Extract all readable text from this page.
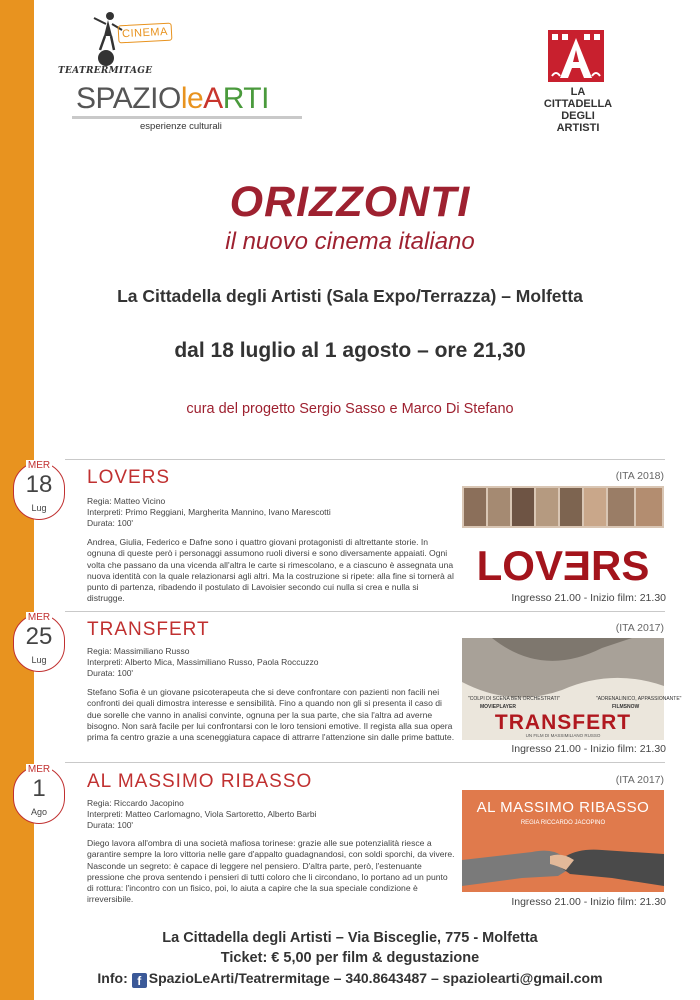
CINEMA
TEATRERMITAGE
SPAZIOleARTI
esperienze culturali
LA CITTADELLA
DEGLI ARTISTI
ORIZZONTI
il nuovo cinema italiano
La Cittadella degli Artisti (Sala Expo/Terrazza) – Molfetta
dal 18 luglio al 1 agosto – ore 21,30
cura del progetto Sergio Sasso e Marco Di Stefano
MER
18
Lug
LOVERS	(ITA 2018)
Regia: Matteo Vicino
Interpreti: Primo Reggiani, Margherita Mannino, Ivano Marescotti
Durata: 100'
Andrea, Giulia, Federico e Dafne sono i quattro giovani protagonisti di altrettante storie. In ognuna di queste però i personaggi assumono ruoli diversi e sono diversamente appaiati. Ogni volta che passano da una vicenda all'altra le carte si rimescolano, e a ciascuno è assegnata una nuova identità con la quale relazionarsi agli altri. Ma la costruzione si ripete: alla fine si tornerà al punto di partenza, ribadendo il postulato di Lavoisier secondo cui nulla si crea e nulla si distrugge.
LOVƎRS
Ingresso 21.00 - Inizio film: 21.30
MER
25
Lug
TRANSFERT	(ITA 2017)
Regia: Massimiliano Russo
Interpreti: Alberto Mica, Massimiliano Russo, Paola Roccuzzo
Durata: 100'
Stefano Sofia è un giovane psicoterapeuta che si deve confrontare con pazienti non facili nei confronti dei quali dimostra interesse e sensibilità. Fino a quando non gli si presenta il caso di due sorelle che vanno in analisi convinte, ognuna per la sua parte, che sia l'altra ad averne bisogno. Non sarà facile per lui confrontarsi con le loro tensioni emotive. Il regista alla sua opera prima fa centro grazie a una sceneggiatura capace di attrarre l'attenzione sin dalle prime battute.
"COLPI DI SCENA BEN ORCHESTRATI"
MOVIEPLAYER
"ADRENALINICO, APPASSIONANTE"
FILMSNOW
TRANSFERT
UN FILM DI MASSIMILIANO RUSSO
Ingresso 21.00 - Inizio film: 21.30
MER
1
Ago
AL MASSIMO RIBASSO	(ITA 2017)
Regia: Riccardo Jacopino
Interpreti: Matteo Carlomagno, Viola Sartoretto, Alberto Barbi
Durata: 100'
Diego lavora all'ombra di una società mafiosa torinese: grazie alle sue potenzialità riesce a garantire sempre la loro vittoria nelle gare d'appalto guadagnandosi, con soldi sporchi, da vivere. Nasconde un segreto: è capace di leggere nel pensiero. D'altra parte, però, l'estenuante pressione che prova sentendo i pensieri di tutti coloro che li circondano, lo portano ad un punto di rottura: l'incontro con un fisico, poi, lo aiuta a capire che la sua speciale condizione è irreversibile.
AL MASSIMO RIBASSO
REGIA RICCARDO JACOPINO
Ingresso 21.00 - Inizio film: 21.30
La Cittadella degli Artisti – Via Bisceglie, 775 - Molfetta
Ticket: € 5,00 per film & degustazione
Info: f SpazioLeArti/Teatrermitage – 340.8643487 – spaziolearti@gmail.com
